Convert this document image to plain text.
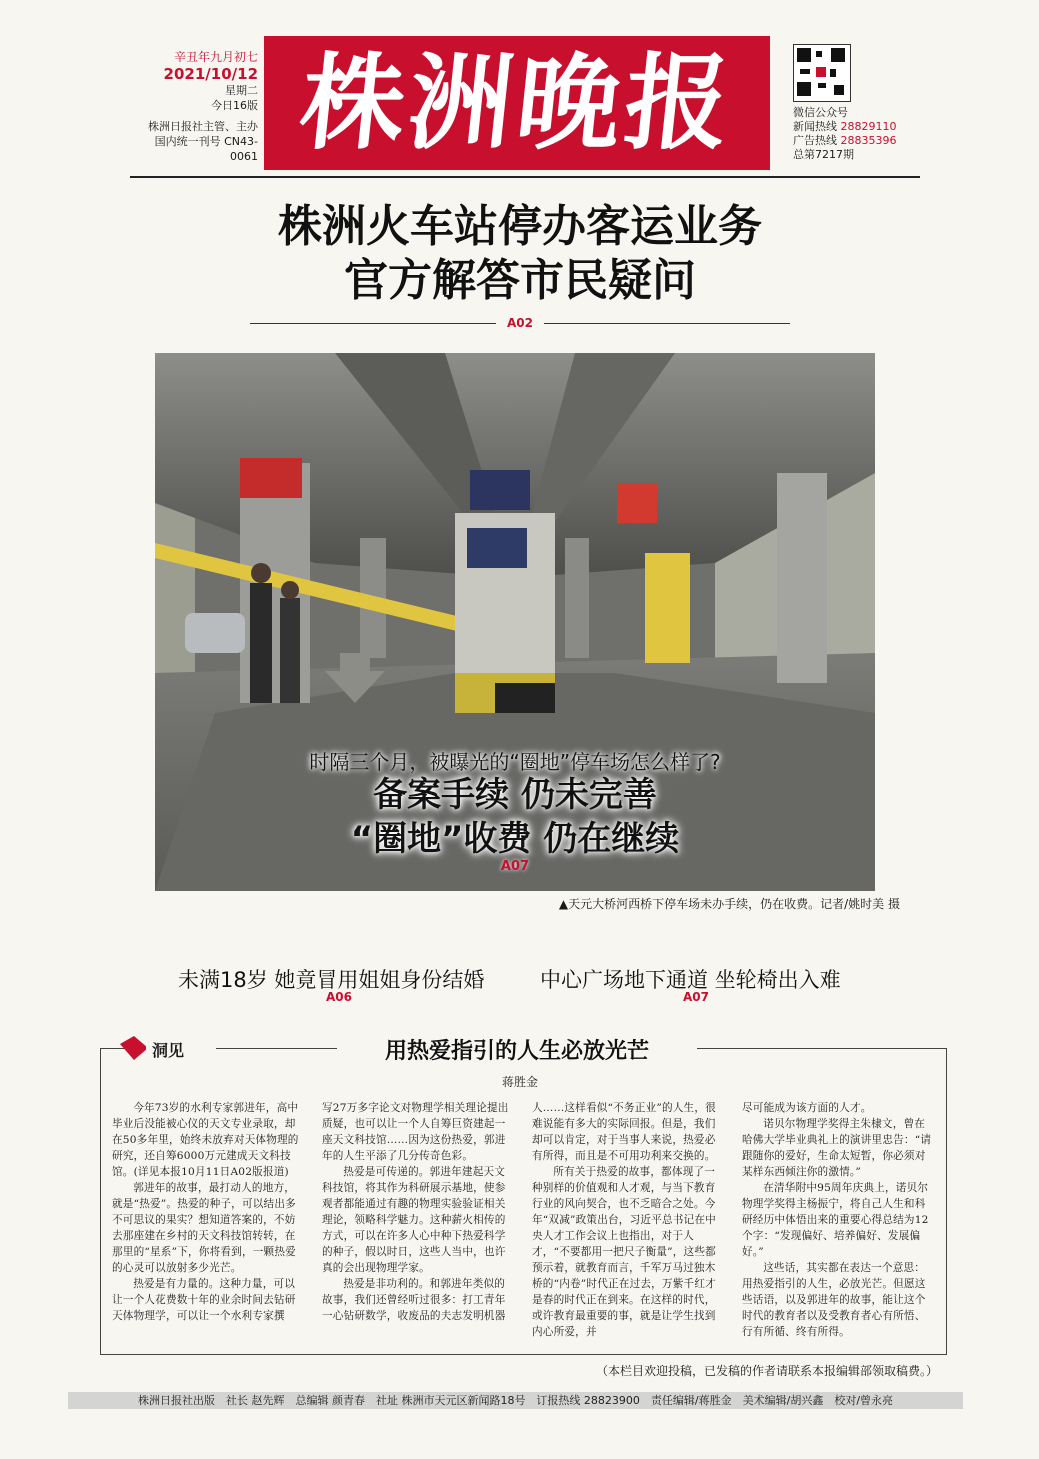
辛丑年九月初七
2021/10/12
星期二
今日16版
株洲日报社主管、主办
国内统一刊号 CN43-0061 株洲晚报	微信公众号
新闻热线 28829110
广告热线 28835396
总第7217期
株洲火车站停办客运业务
官方解答市民疑问
A02
时隔三个月，被曝光的“圈地”停车场怎么样了?
备案手续 仍未完善
“圈地”收费 仍在继续
A07
▲天元大桥河西桥下停车场未办手续，仍在收费。记者/姚时美 摄
未满18岁 她竟冒用姐姐身份结婚
A06
中心广场地下通道 坐轮椅出入难
A07
洞见	用热爱指引的人生必放光芒
蒋胜金

今年73岁的水利专家郭进年，高中毕业后没能被心仪的天文专业录取，却在50多年里，始终未放弃对天体物理的研究，还自筹6000万元建成天文科技馆。(详见本报10月11日A02版报道)

郭进年的故事，最打动人的地方，就是“热爱”。热爱的种子，可以结出多不可思议的果实？想知道答案的，不妨去那座建在乡村的天文科技馆转转，在那里的“星系”下，你将看到，一颗热爱的心灵可以放射多少光芒。

热爱是有力量的。这种力量，可以让一个人花费数十年的业余时间去钻研天体物理学，可以让一个水利专家撰

写27万多字论文对物理学相关理论提出质疑，也可以让一个人自筹巨资建起一座天文科技馆……因为这份热爱，郭进年的人生平添了几分传奇色彩。

热爱是可传递的。郭进年建起天文科技馆，将其作为科研展示基地，使参观者都能通过有趣的物理实验验证相关理论，领略科学魅力。这种薪火相传的方式，可以在许多人心中种下热爱科学的种子，假以时日，这些人当中，也许真的会出现物理学家。

热爱是非功利的。和郭进年类似的故事，我们还曾经听过很多：打工青年一心钻研数学，收废品的夫志发明机器

人……这样看似“不务正业”的人生，很难说能有多大的实际回报。但是，我们却可以肯定，对于当事人来说，热爱必有所得，而且是不可用功利来交换的。

所有关于热爱的故事，都体现了一种别样的价值观和人才观，与当下教育行业的风向契合，也不乏暗合之处。今年“双减”政策出台，习近平总书记在中央人才工作会议上也指出，对于人才，“不要都用一把尺子衡量”，这些都预示着，就教育而言，千军万马过独木桥的“内卷”时代正在过去，万紫千红才是春的时代正在到来。在这样的时代，或许教育最重要的事，就是让学生找到内心所爱，并

尽可能成为该方面的人才。

诺贝尔物理学奖得主朱棣文，曾在哈佛大学毕业典礼上的演讲里忠告：“请跟随你的爱好，生命太短暂，你必须对某样东西倾注你的激情。”

在清华附中95周年庆典上，诺贝尔物理学奖得主杨振宁，将自己人生和科研经历中体悟出来的重要心得总结为12个字：“发现偏好、培养偏好、发展偏好。”

这些话，其实都在表达一个意思：用热爱指引的人生，必放光芒。但愿这些话语，以及郭进年的故事，能让这个时代的教育者以及受教育者心有所悟、行有所循、终有所得。

（本栏目欢迎投稿，已发稿的作者请联系本报编辑部领取稿费。）
株洲日报社出版　社长 赵先辉　总编辑 颜青春　社址 株洲市天元区新闻路18号　订报热线 28823900　责任编辑/蒋胜金　美术编辑/胡兴鑫　校对/曾永亮
